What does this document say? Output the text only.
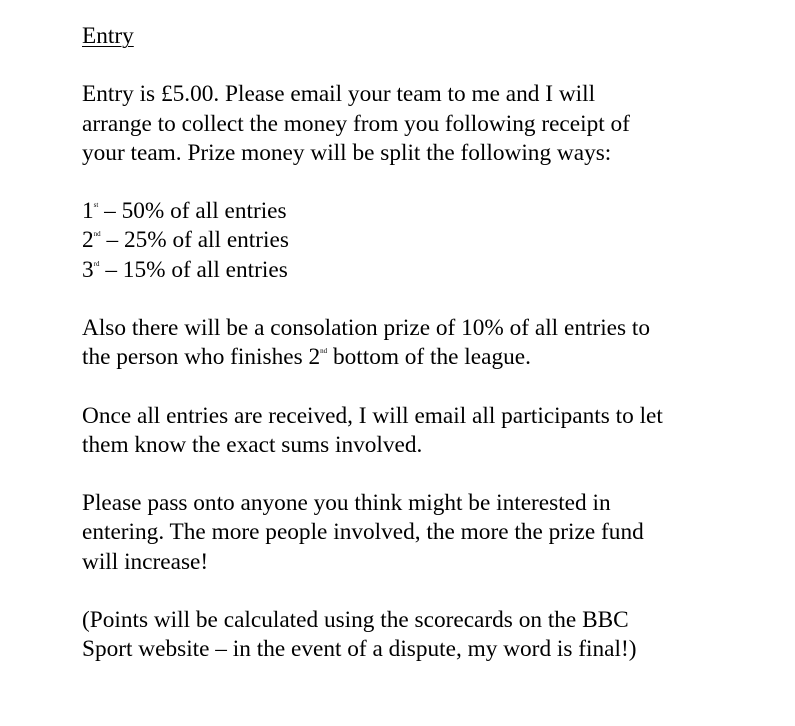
Entry

Entry is £5.00. Please email your team to me and I will
arrange to collect the money from you following receipt of
your team. Prize money will be split the following ways:

1st – 50% of all entries

2nd – 25% of all entries

3rd – 15% of all entries

Also there will be a consolation prize of 10% of all entries to
the person who finishes 2nd bottom of the league.

Once all entries are received, I will email all participants to let
them know the exact sums involved.

Please pass onto anyone you think might be interested in
entering. The more people involved, the more the prize fund
will increase!

(Points will be calculated using the scorecards on the BBC
Sport website – in the event of a dispute, my word is final!)
